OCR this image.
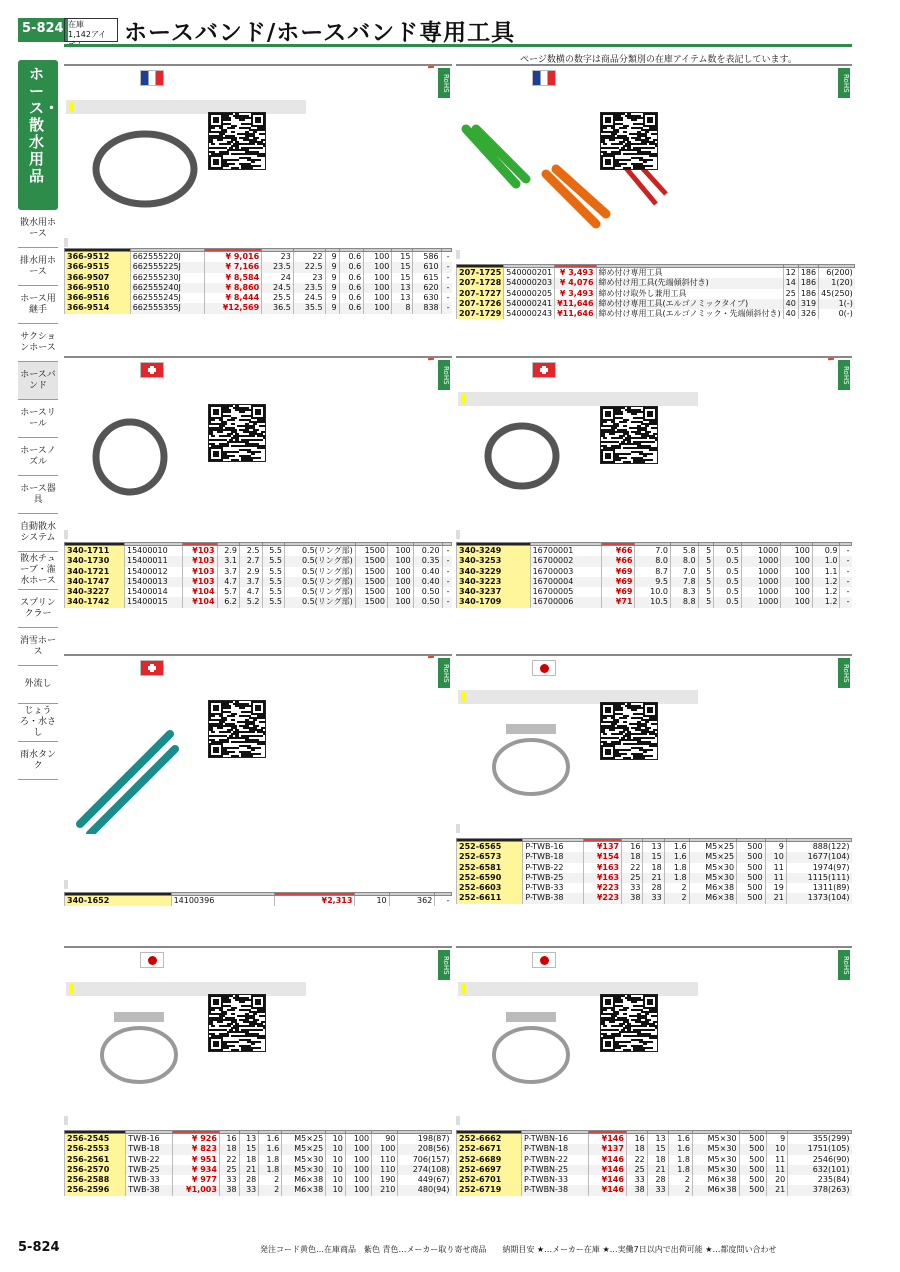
5-824 在庫
1,142アイテム	ホースバンド/ホースバンド専用工具
ページ数横の数字は商品分類別の在庫アイテム数を表記しています。
ホース・散水用品
散水用ホース
排水用ホース
ホース用継手
サクションホース
ホースバンド
ホースリール
ホースノズル
ホース器具
自動散水システム
散水チューブ・潅水ホース
スプリンクラー
消雪ホース
外流し
じょうろ・水さし
雨水タンク
RoHS

366-9512	662555220J	¥ 9,016	23	22	9	0.6	100	15	586	-
366-9515	662555225J	¥ 7,166	23.5	22.5	9	0.6	100	15	610	-
366-9507	662555230J	¥ 8,584	24	23	9	0.6	100	15	615	-
366-9510	662555240J	¥ 8,860	24.5	23.5	9	0.6	100	13	620	-
366-9516	662555245J	¥ 8,444	25.5	24.5	9	0.6	100	13	630	-
366-9514	662555355J	¥12,569	36.5	35.5	9	0.6	100	8	838	-
RoHS

207-1725	540000201	¥ 3,493	締め付け専用工具	12	186	6(200)
207-1728	540000203	¥ 4,076	締め付け用工具(先端傾斜付き)	14	186	1(20)
207-1727	540000205	¥ 3,493	締め付け取外し兼用工具	25	186	45(250)
207-1726	540000241	¥11,646	締め付け専用工具(エルゴノミックタイプ)	40	319	1(-)
207-1729	540000243	¥11,646	締め付け専用工具(エルゴノミック・先端傾斜付き)	40	326	0(-)
RoHS

340-1711	15400010	¥103	2.9	2.5	5.5	0.5(リング部)	1500	100	0.20	-
340-1730	15400011	¥103	3.1	2.7	5.5	0.5(リング部)	1500	100	0.35	-
340-1721	15400012	¥103	3.7	2.9	5.5	0.5(リング部)	1500	100	0.40	-
340-1747	15400013	¥103	4.7	3.7	5.5	0.5(リング部)	1500	100	0.40	-
340-3227	15400014	¥104	5.7	4.7	5.5	0.5(リング部)	1500	100	0.50	-
340-1742	15400015	¥104	6.2	5.2	5.5	0.5(リング部)	1500	100	0.50	-
RoHS

340-3249	16700001	¥66	7.0	5.8	5	0.5	1000	100	0.9	-
340-3253	16700002	¥66	8.0	8.0	5	0.5	1000	100	1.0	-
340-3229	16700003	¥69	8.7	7.0	5	0.5	1000	100	1.1	-
340-3223	16700004	¥69	9.5	7.8	5	0.5	1000	100	1.2	-
340-3237	16700005	¥69	10.0	8.3	5	0.5	1000	100	1.2	-
340-1709	16700006	¥71	10.5	8.8	5	0.5	1000	100	1.2	-
RoHS

340-1652	14100396	¥2,313	10	362	-
RoHS

252-6565	P-TWB-16	¥137	16	13	1.6	M5×25	500	9	888(122)
252-6573	P-TWB-18	¥154	18	15	1.6	M5×25	500	10	1677(104)
252-6581	P-TWB-22	¥163	22	18	1.8	M5×30	500	11	1974(97)
252-6590	P-TWB-25	¥163	25	21	1.8	M5×30	500	11	1115(111)
252-6603	P-TWB-33	¥223	33	28	2	M6×38	500	19	1311(89)
252-6611	P-TWB-38	¥223	38	33	2	M6×38	500	21	1373(104)
RoHS

256-2545	TWB-16	¥ 926	16	13	1.6	M5×25	10	100	90	198(87)
256-2553	TWB-18	¥ 823	18	15	1.6	M5×25	10	100	100	208(56)
256-2561	TWB-22	¥ 951	22	18	1.8	M5×30	10	100	110	706(157)
256-2570	TWB-25	¥ 934	25	21	1.8	M5×30	10	100	110	274(108)
256-2588	TWB-33	¥ 977	33	28	2	M6×38	10	100	190	449(67)
256-2596	TWB-38	¥1,003	38	33	2	M6×38	10	100	210	480(94)
RoHS

252-6662	P-TWBN-16	¥146	16	13	1.6	M5×30	500	9	355(299)
252-6671	P-TWBN-18	¥137	18	15	1.6	M5×30	500	10	1751(105)
252-6689	P-TWBN-22	¥146	22	18	1.8	M5×30	500	11	2546(90)
252-6697	P-TWBN-25	¥146	25	21	1.8	M5×30	500	11	632(101)
252-6701	P-TWBN-33	¥146	33	28	2	M6×38	500	20	235(84)
252-6719	P-TWBN-38	¥146	38	33	2	M6×38	500	21	378(263)
5-824	発注コード黄色…在庫商品　紫色 青色…メーカー取り寄せ商品　　納期目安 ★…メーカー在庫 ★…実働7日以内で出荷可能 ★…都度問い合わせ
